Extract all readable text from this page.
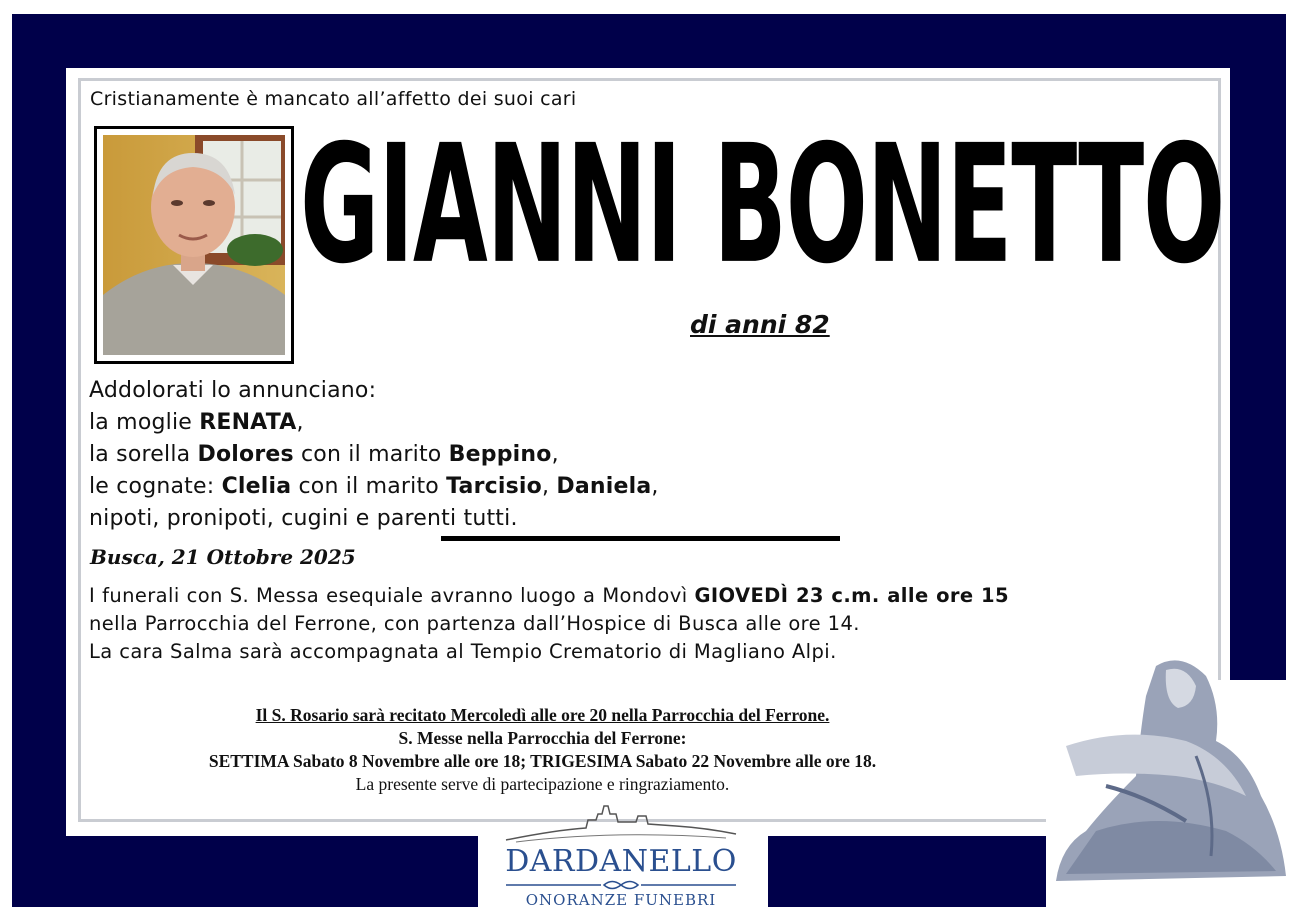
Cristianamente è mancato all’affetto dei suoi cari
GIANNI BONETTO
di anni 82
Addolorati lo annunciano:
la moglie RENATA,
la sorella Dolores con il marito Beppino,
le cognate: Clelia con il marito Tarcisio, Daniela,
nipoti, pronipoti, cugini e parenti tutti.
Busca, 21 Ottobre 2025

I funerali con S. Messa esequiale avranno luogo a Mondovì GIOVEDÌ 23 c.m. alle ore 15 nella Parrocchia del Ferrone, con partenza dall’Hospice di Busca alle ore 14.

La cara Salma sarà accompagnata al Tempio Crematorio di Magliano Alpi.

Il S. Rosario sarà recitato Mercoledì alle ore 20 nella Parrocchia del Ferrone.
S. Messe nella Parrocchia del Ferrone:
SETTIMA Sabato 8 Novembre alle ore 18; TRIGESIMA Sabato 22 Novembre alle ore 18.
La presente serve di partecipazione e ringraziamento.
DARDANELLO
ONORANZE FUNEBRI
